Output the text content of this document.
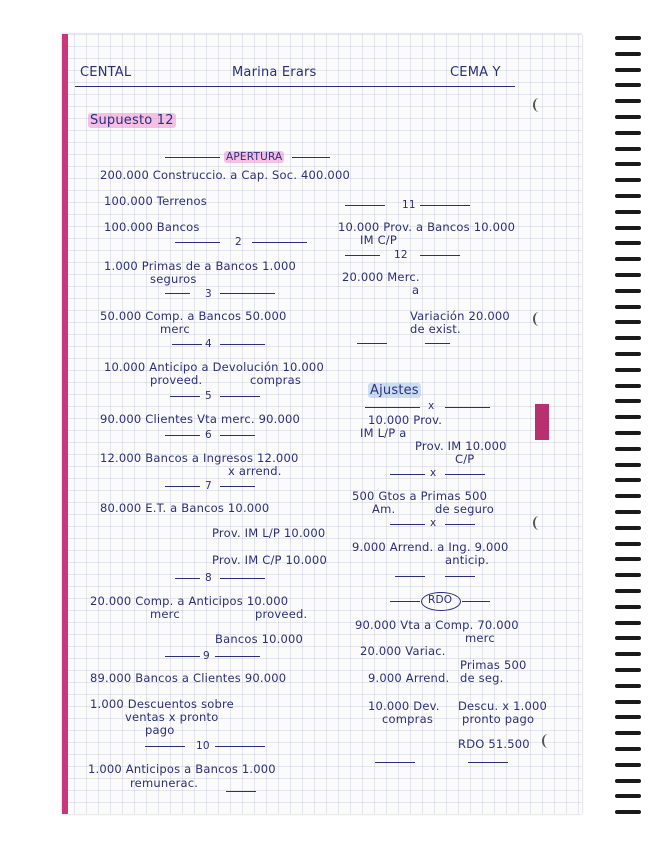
CENTAL	Marina Erars	CEMA Y
Supuesto 12
APERTURA
200.000 Construccio. a Cap. Soc. 400.000
100.000 Terrenos
100.000 Bancos
2
1.000 Primas de a Bancos 1.000
seguros
3
50.000 Comp. a Bancos 50.000
merc
4
10.000 Anticipo a Devolución 10.000
proveed.	compras
5
90.000 Clientes Vta merc. 90.000
6
12.000 Bancos a Ingresos 12.000
x arrend.
7
80.000 E.T. a Bancos 10.000
Prov. IM L/P 10.000
Prov. IM C/P 10.000
8
20.000 Comp. a Anticipos 10.000
merc	proveed.
Bancos 10.000
9
89.000 Bancos a Clientes 90.000
1.000 Descuentos sobre
ventas x pronto
pago
10
1.000 Anticipos a Bancos 1.000
remunerac.
11
10.000 Prov. a Bancos 10.000
IM C/P
12
20.000 Merc.
a
Variación 20.000
de exist.
Ajustes
x
10.000 Prov.
IM L/P a
Prov. IM 10.000
C/P
x
500 Gtos a Primas 500
Am.	de seguro
x
9.000 Arrend. a Ing. 9.000
anticip.
RDO
90.000 Vta a Comp. 70.000
merc
20.000 Variac.
Primas 500
9.000 Arrend. de seg.
10.000 Dev. Descu. x 1.000
compras	pronto pago
RDO 51.500
